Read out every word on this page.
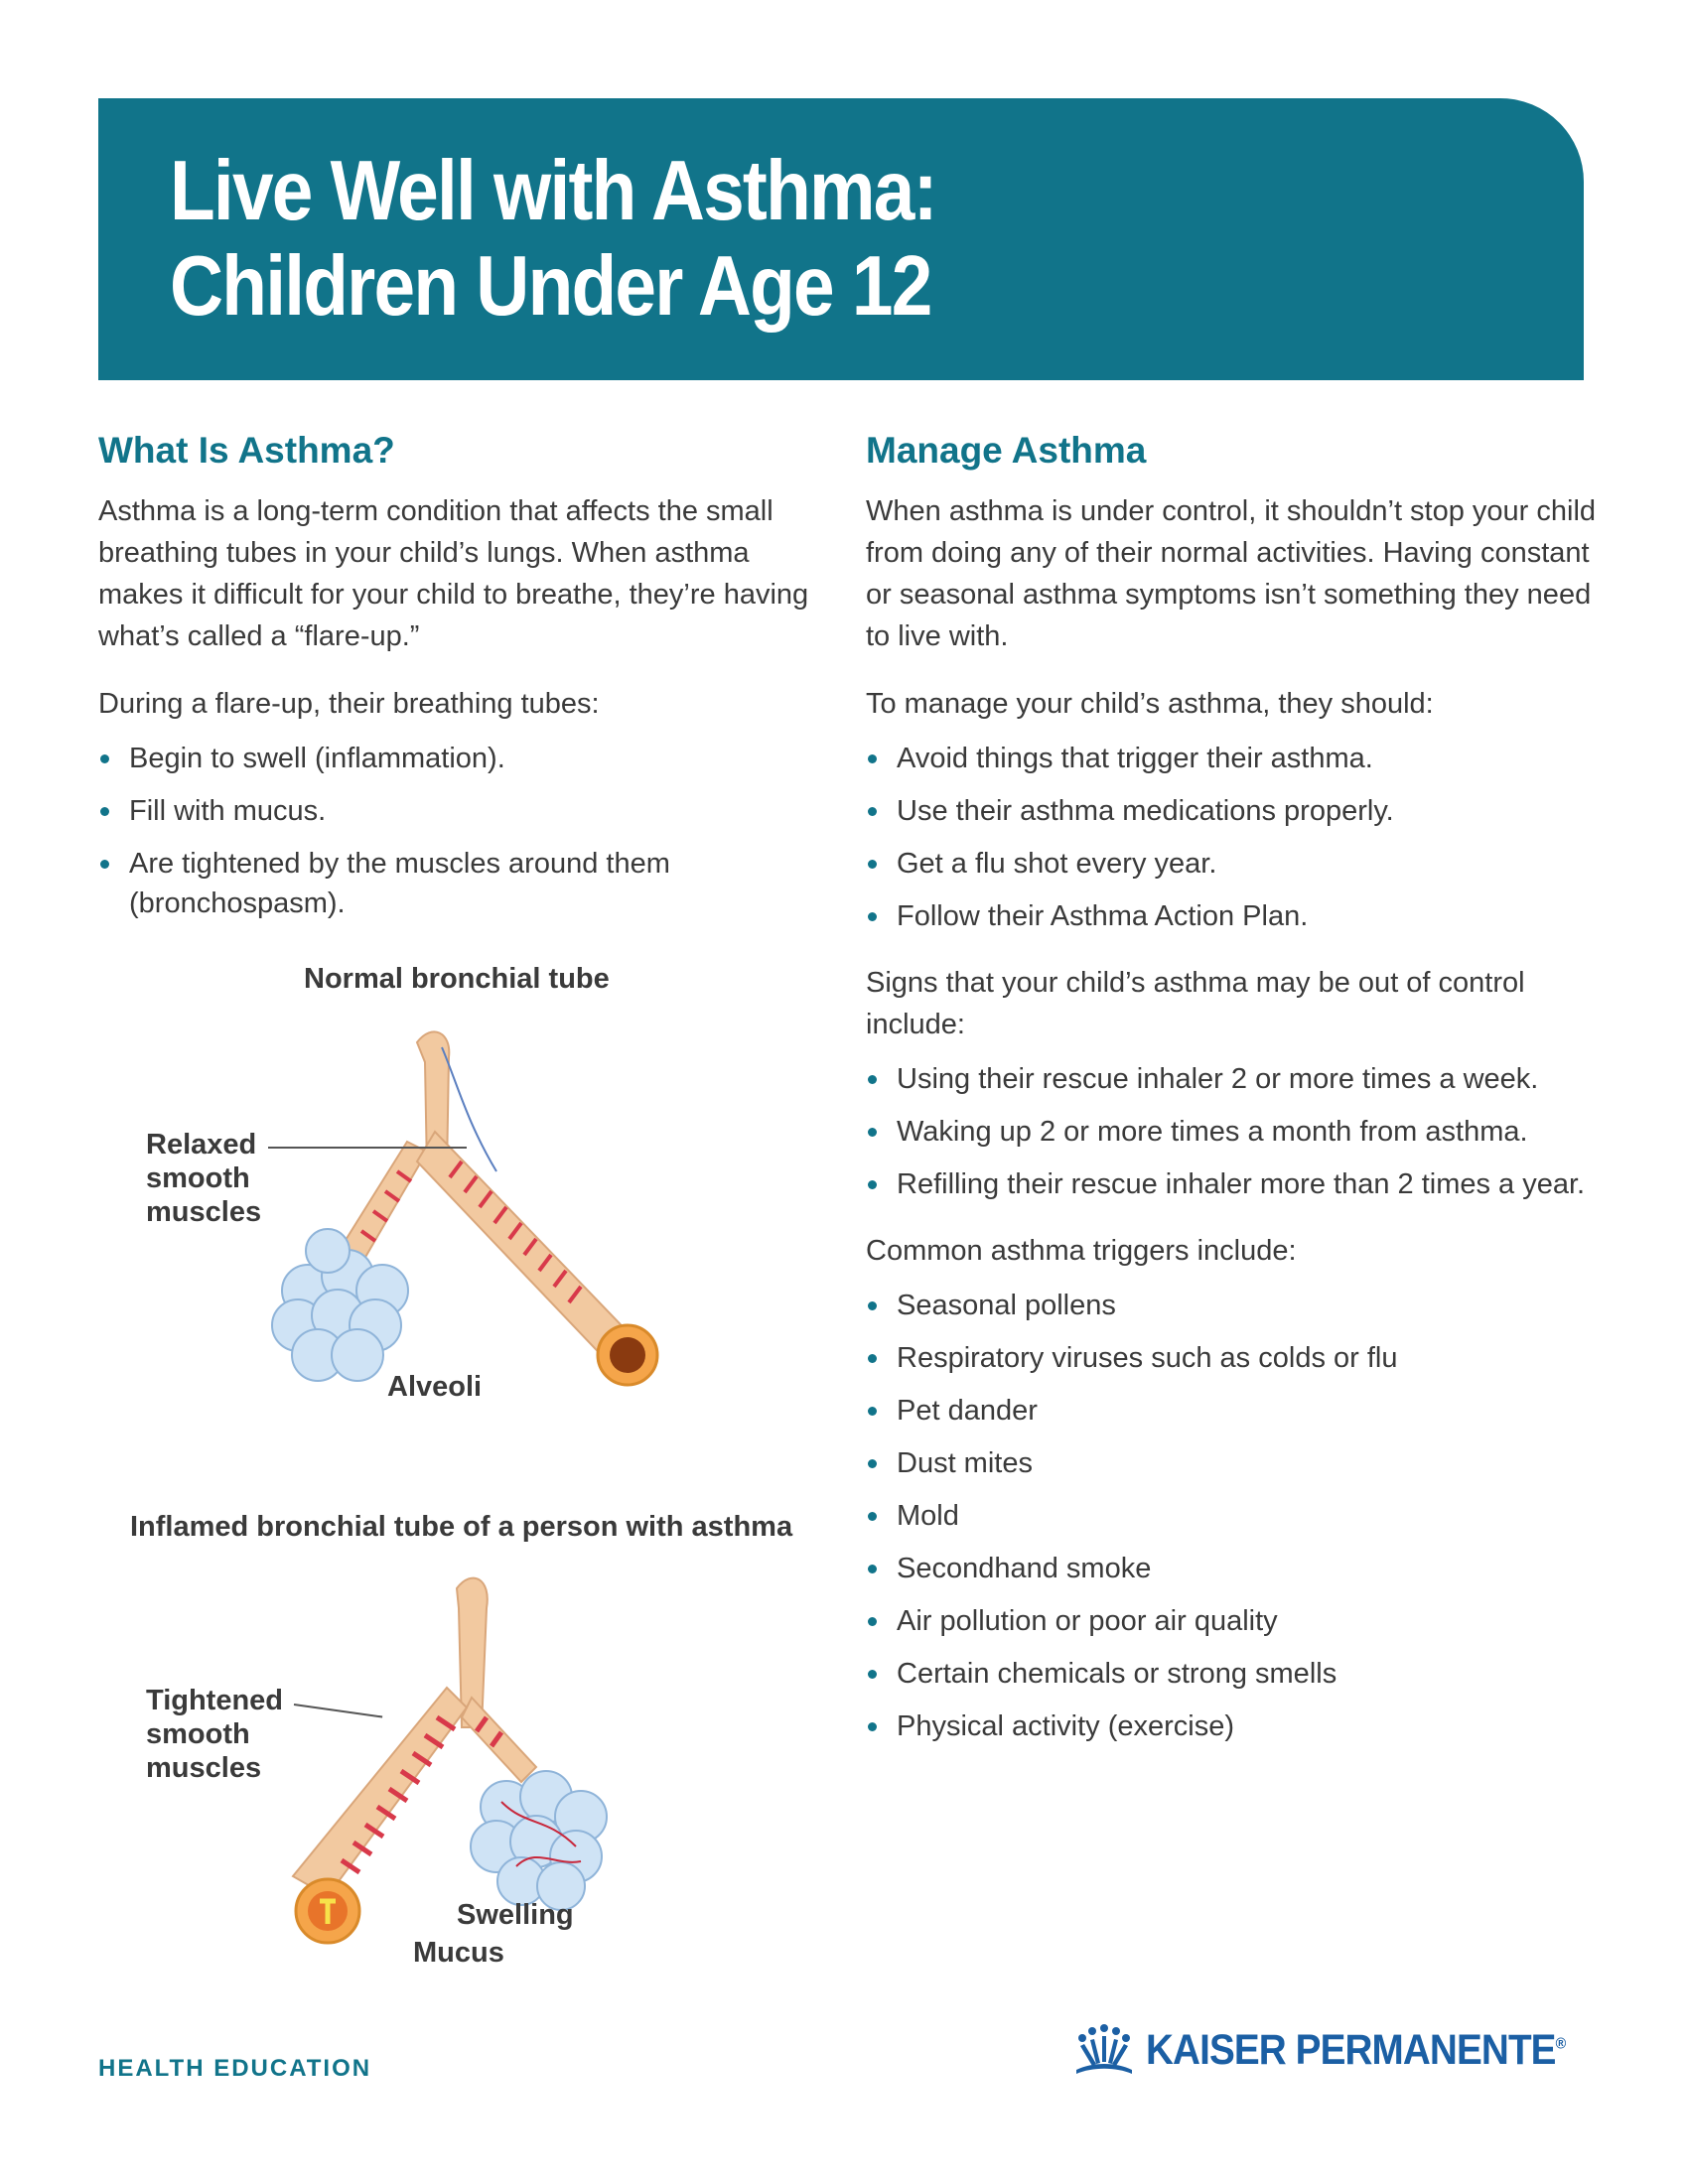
Live Well with Asthma:
Children Under Age 12
What Is Asthma?

Asthma is a long-term condition that affects the small breathing tubes in your child’s lungs. When asthma makes it difficult for your child to breathe, they’re having what’s called a “flare-up.”

During a flare-up, their breathing tubes:

Begin to swell (inflammation).
Fill with mucus.
Are tightened by the muscles around them (bronchospasm).
Normal bronchial tube
Relaxed
smooth
muscles
Alveoli
Inflamed bronchial tube of a person with asthma
Tightened
smooth
muscles
Swelling
Mucus
Manage Asthma

When asthma is under control, it shouldn’t stop your child from doing any of their normal activities. Having constant or seasonal asthma symptoms isn’t something they need to live with.

To manage your child’s asthma, they should:

Avoid things that trigger their asthma.
Use their asthma medications properly.
Get a flu shot every year.
Follow their Asthma Action Plan.

Signs that your child’s asthma may be out of control include:

Using their rescue inhaler 2 or more times a week.
Waking up 2 or more times a month from asthma.
Refilling their rescue inhaler more than 2 times a year.

Common asthma triggers include:

Seasonal pollens
Respiratory viruses such as colds or flu
Pet dander
Dust mites
Mold
Secondhand smoke
Air pollution or poor air quality
Certain chemicals or strong smells
Physical activity (exercise)
HEALTH EDUCATION	KAISER PERMANENTE®
